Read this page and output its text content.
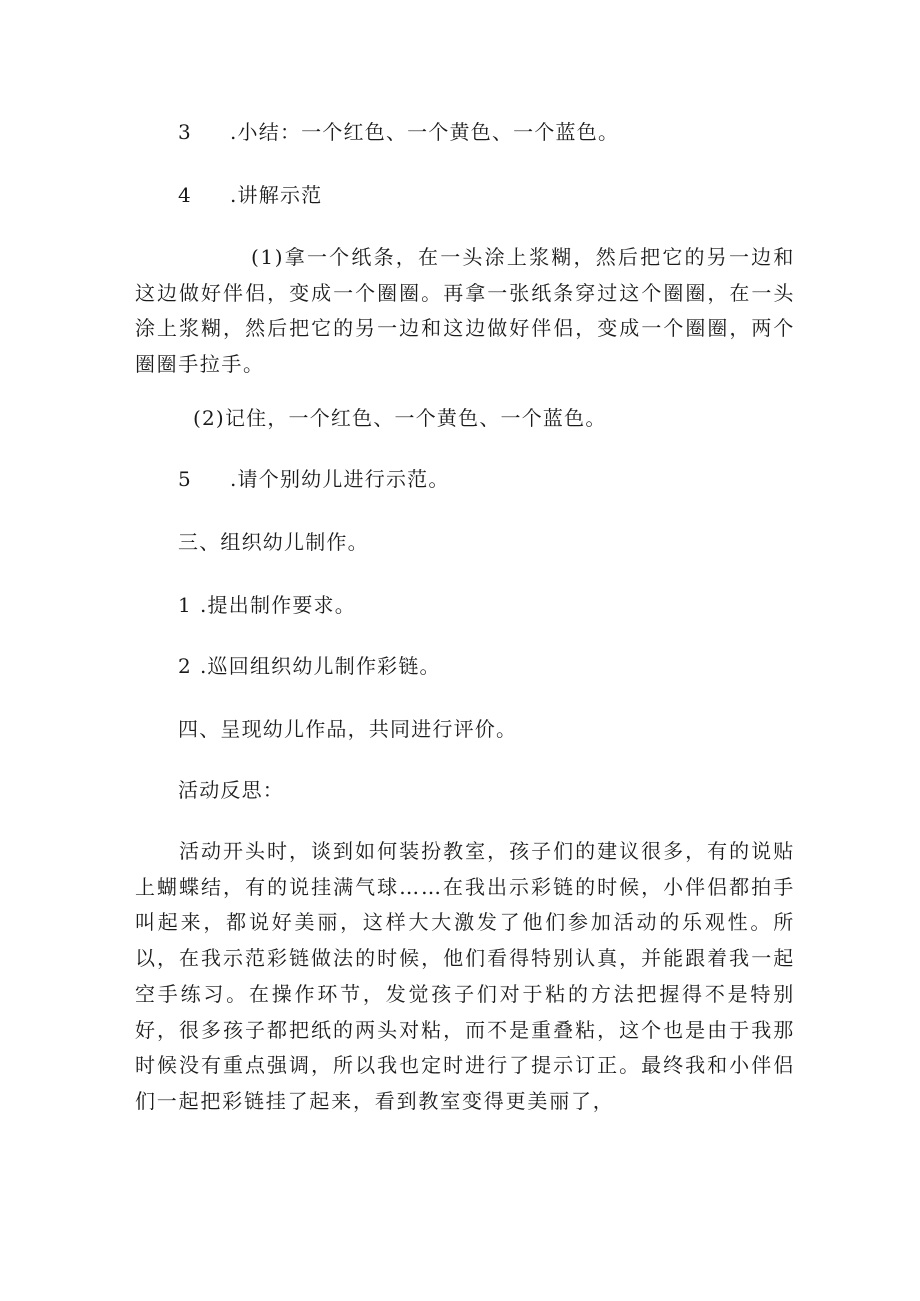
3 .小结：一个红色、一个黄色、一个蓝色。
4 .讲解示范
(1)拿一个纸条，在一头涂上浆糊，然后把它的另一边和这边做好伴侣，变成一个圈圈。再拿一张纸条穿过这个圈圈，在一头涂上浆糊，然后把它的另一边和这边做好伴侣，变成一个圈圈，两个圈圈手拉手。
(2)记住，一个红色、一个黄色、一个蓝色。
5 .请个别幼儿进行示范。
三、组织幼儿制作。
1 .提出制作要求。
2 .巡回组织幼儿制作彩链。
四、呈现幼儿作品，共同进行评价。
活动反思：
活动开头时，谈到如何装扮教室，孩子们的建议很多，有的说贴上蝴蝶结，有的说挂满气球……在我出示彩链的时候，小伴侣都拍手叫起来，都说好美丽，这样大大激发了他们参加活动的乐观性。所以，在我示范彩链做法的时候，他们看得特别认真，并能跟着我一起空手练习。在操作环节，发觉孩子们对于粘的方法把握得不是特别好，很多孩子都把纸的两头对粘，而不是重叠粘，这个也是由于我那时候没有重点强调，所以我也定时进行了提示订正。最终我和小伴侣们一起把彩链挂了起来，看到教室变得更美丽了，
